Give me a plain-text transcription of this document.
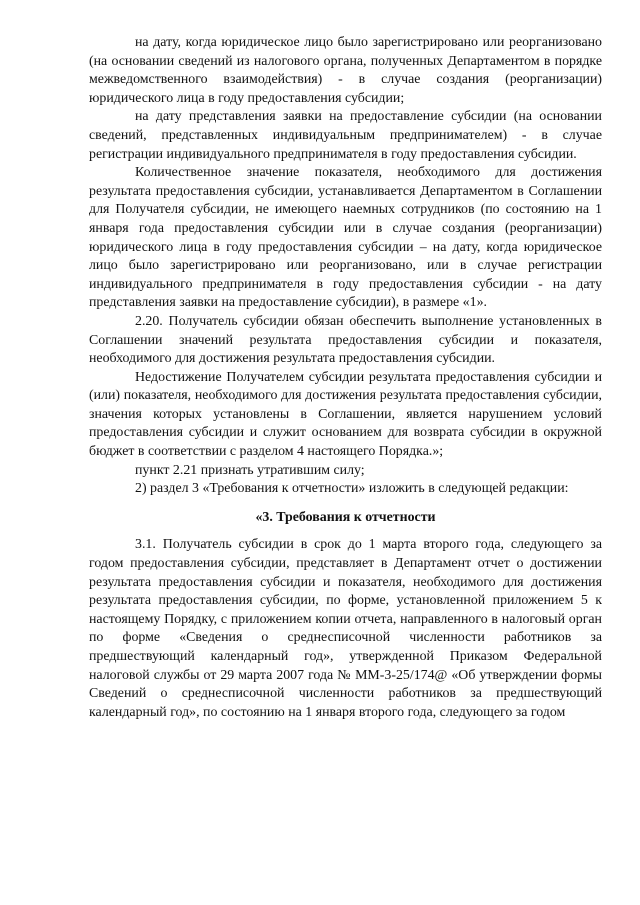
на дату, когда юридическое лицо было зарегистрировано или реорганизовано (на основании сведений из налогового органа, полученных Департаментом в порядке межведомственного взаимодействия) - в случае создания (реорганизации) юридического лица в году предоставления субсидии;

на дату представления заявки на предоставление субсидии (на основании сведений, представленных индивидуальным предпринимателем) - в случае регистрации индивидуального предпринимателя в году предоставления субсидии.

Количественное значение показателя, необходимого для достижения результата предоставления субсидии, устанавливается Департаментом в Соглашении для Получателя субсидии, не имеющего наемных сотрудников (по состоянию на 1 января года предоставления субсидии или в случае создания (реорганизации) юридического лица в году предоставления субсидии – на дату, когда юридическое лицо было зарегистрировано или реорганизовано, или в случае регистрации индивидуального предпринимателя в году предоставления субсидии - на дату представления заявки на предоставление субсидии), в размере «1».

2.20. Получатель субсидии обязан обеспечить выполнение установленных в Соглашении значений результата предоставления субсидии и показателя, необходимого для достижения результата предоставления субсидии.

Недостижение Получателем субсидии результата предоставления субсидии и (или) показателя, необходимого для достижения результата предоставления субсидии, значения которых установлены в Соглашении, является нарушением условий предоставления субсидии и служит основанием для возврата субсидии в окружной бюджет в соответствии с разделом 4 настоящего Порядка.»;

пункт 2.21 признать утратившим силу;

2) раздел 3 «Требования к отчетности» изложить в следующей редакции:

«3. Требования к отчетности

3.1. Получатель субсидии в срок до 1 марта второго года, следующего за годом предоставления субсидии, представляет в Департамент отчет о достижении результата предоставления субсидии и показателя, необходимого для достижения результата предоставления субсидии, по форме, установленной приложением 5 к настоящему Порядку, с приложением копии отчета, направленного в налоговый орган по форме «Сведения о среднесписочной численности работников за предшествующий календарный год», утвержденной Приказом Федеральной налоговой службы от 29 марта 2007 года № ММ-3-25/174@ «Об утверждении формы Сведений о среднесписочной численности работников за предшествующий календарный год», по состоянию на 1 января второго года, следующего за годом
